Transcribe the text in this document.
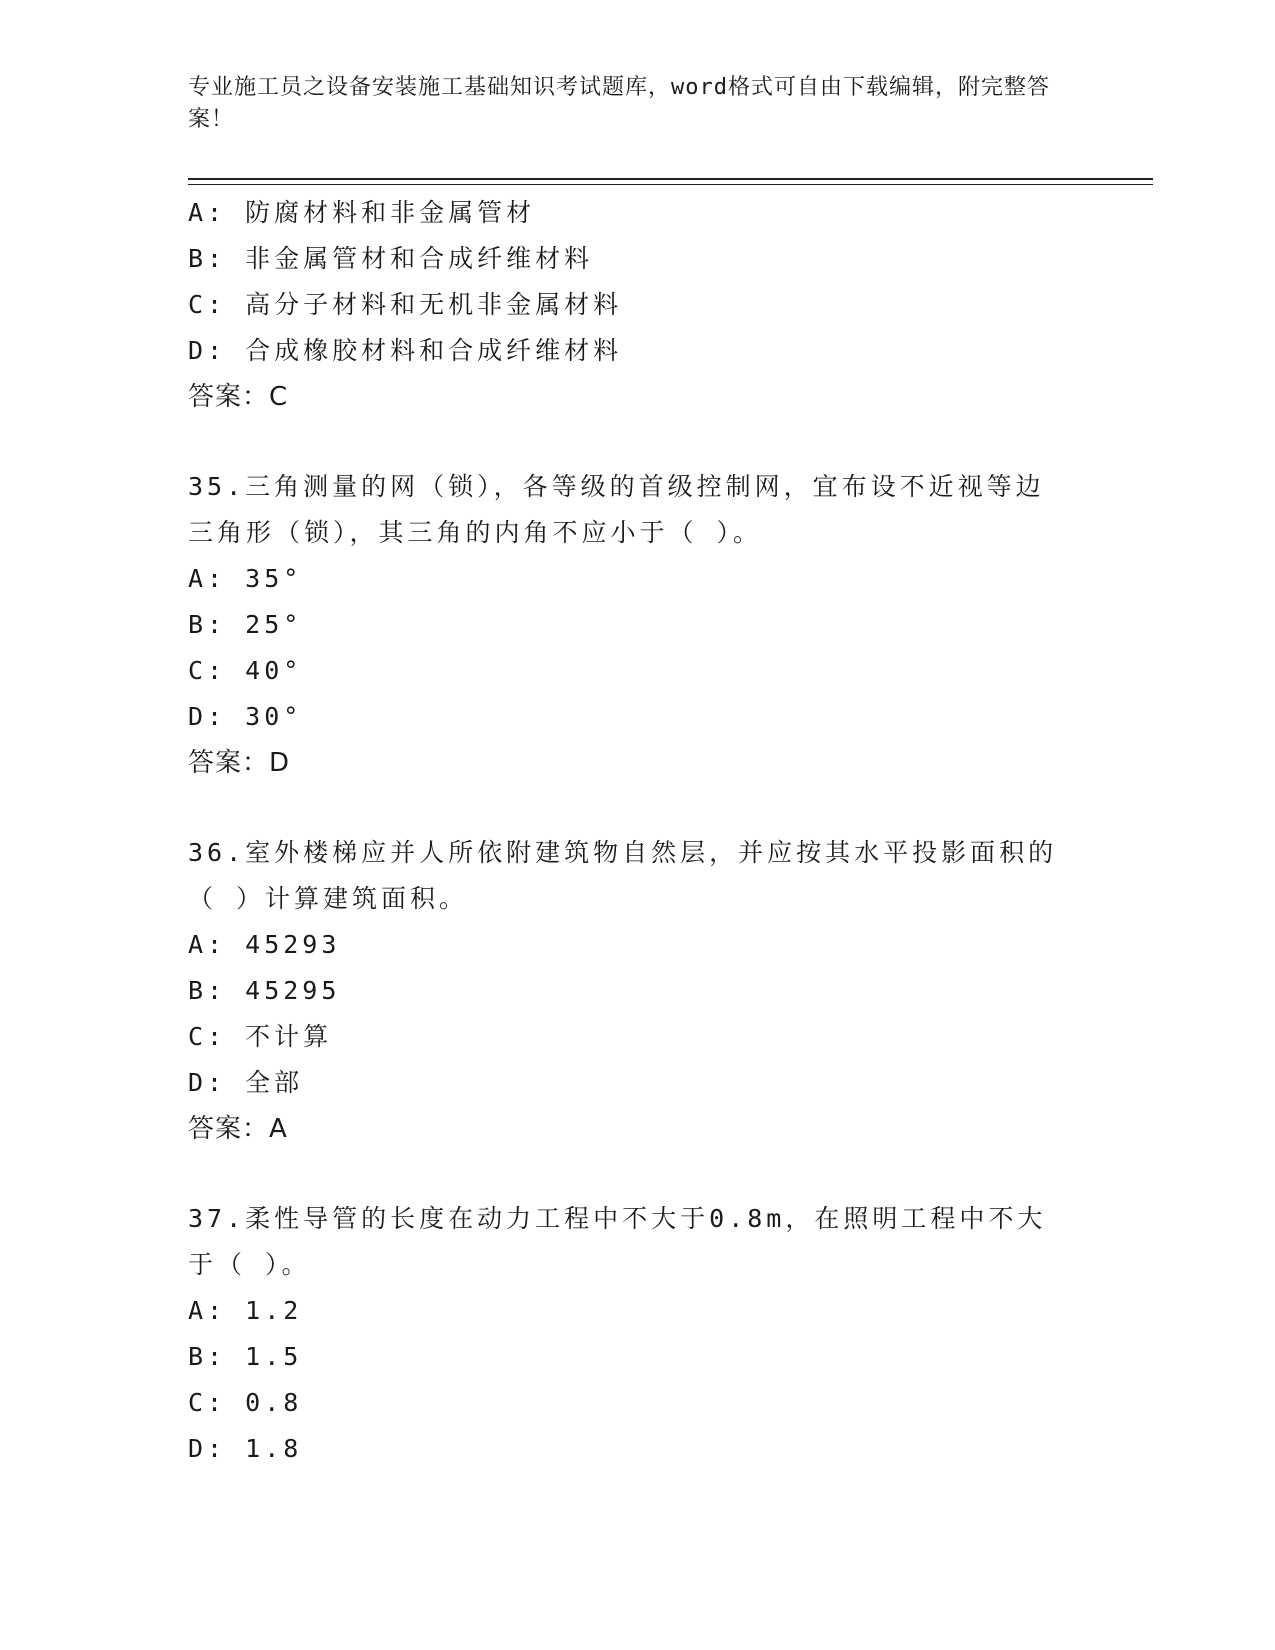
专业施工员之设备安装施工基础知识考试题库，word格式可自由下载编辑，附完整答案！
A: 防腐材料和非金属管材
B: 非金属管材和合成纤维材料
C: 高分子材料和无机非金属材料
D: 合成橡胶材料和合成纤维材料
答案：C
35.三角测量的网（锁），各等级的首级控制网，宜布设不近视等边三角形（锁），其三角的内角不应小于（ ）。
A: 35°
B: 25°
C: 40°
D: 30°
答案：D
36.室外楼梯应并人所依附建筑物自然层，并应按其水平投影面积的（ ）计算建筑面积。
A: 45293
B: 45295
C: 不计算
D: 全部
答案：A
37.柔性导管的长度在动力工程中不大于0.8m，在照明工程中不大于（ ）。
A: 1.2
B: 1.5
C: 0.8
D: 1.8
